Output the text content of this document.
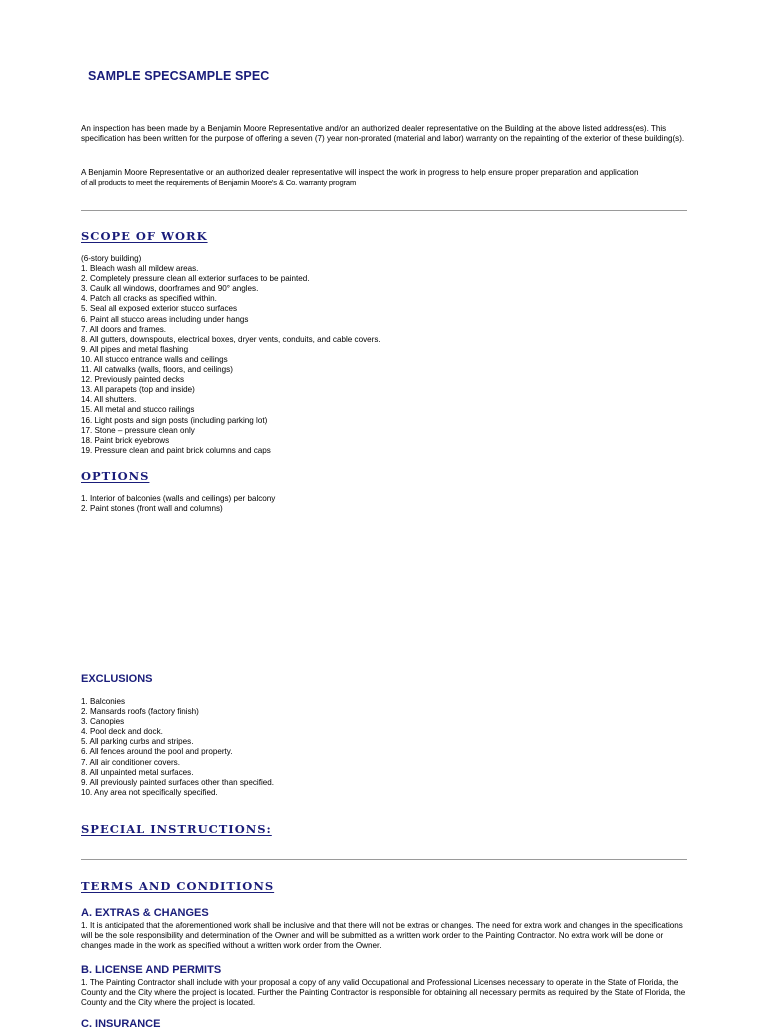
SAMPLE SPECSAMPLE SPEC
An inspection has been made by a Benjamin Moore Representative and/or an authorized dealer representative on the Building at the above listed address(es). This specification has been written for the purpose of offering a seven (7) year non-prorated (material and labor) warranty on the repainting of the exterior of these building(s).
A Benjamin Moore Representative or an authorized dealer representative will inspect the work in progress to help ensure proper preparation and application
of all products to meet the requirements of Benjamin Moore's & Co. warranty program
SCOPE OF WORK
(6-story building)
1. Bleach wash all mildew areas.
2. Completely pressure clean all exterior surfaces to be painted.
3. Caulk all windows, doorframes and 90° angles.
4. Patch all cracks as specified within.
5. Seal all exposed exterior stucco surfaces
6. Paint all stucco areas including under hangs
7. All doors and frames.
8. All gutters, downspouts, electrical boxes, dryer vents, conduits, and cable covers.
9. All pipes and metal flashing
10. All stucco entrance walls and ceilings
11. All catwalks (walls, floors, and ceilings)
12. Previously painted decks
13. All parapets (top and inside)
14. All shutters.
15. All metal and stucco railings
16. Light posts and sign posts (including parking lot)
17. Stone – pressure clean only
18. Paint brick eyebrows
19. Pressure clean and paint brick columns and caps
OPTIONS
1. Interior of balconies (walls and ceilings) per balcony
2. Paint stones (front wall and columns)
EXCLUSIONS
1. Balconies
2. Mansards roofs (factory finish)
3. Canopies
4. Pool deck and dock.
5. All parking curbs and stripes.
6. All fences around the pool and property.
7. All air conditioner covers.
8. All unpainted metal surfaces.
9. All previously painted surfaces other than specified.
10. Any area not specifically specified.
SPECIAL INSTRUCTIONS:
TERMS AND CONDITIONS
A. EXTRAS & CHANGES
1. It is anticipated that the aforementioned work shall be inclusive and that there will not be extras or changes. The need for extra work and changes in the specifications will be the sole responsibility and determination of the Owner and will be submitted as a written work order to the Painting Contractor. No extra work will be done or changes made in the work as specified without a written work order from the Owner.
B. LICENSE AND PERMITS
1. The Painting Contractor shall include with your proposal a copy of any valid Occupational and Professional Licenses necessary to operate in the State of Florida, the County and the City where the project is located. Further the Painting Contractor is responsible for obtaining all necessary permits as required by the State of Florida, the County and the City where the project is located.
C. INSURANCE
